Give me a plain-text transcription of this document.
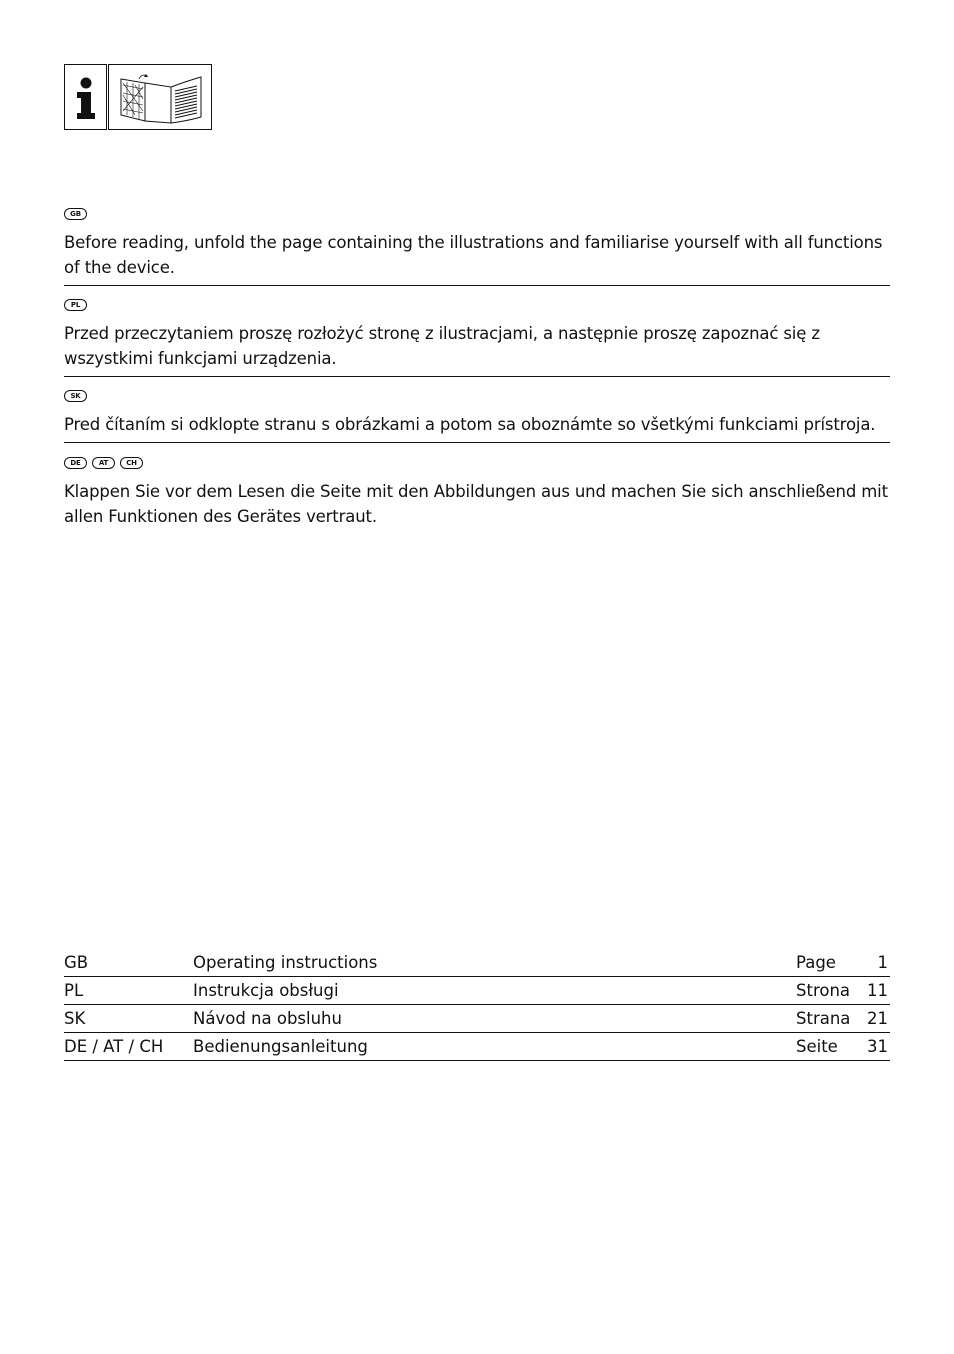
GB
Before reading, unfold the page containing the illustrations and familiarise yourself with all functions of the device.
PL
Przed przeczytaniem proszę rozłożyć stronę z ilustracjami, a następnie proszę zapoznać się z wszystkimi funkcjami urządzenia.
SK
Pred čítaním si odklopte stranu s obrázkami a potom sa oboznámte so všetkými funkciami prístroja.
DE	AT	CH
Klappen Sie vor dem Lesen die Seite mit den Abbildungen aus und machen Sie sich anschließend mit allen Funktionen des Gerätes vertraut.
GB	Operating instructions	Page	1
PL	Instrukcja obsługi	Strona 11
SK	Návod na obsluhu	Strana 21
DE / AT / CH Bedienungsanleitung	Seite 31
